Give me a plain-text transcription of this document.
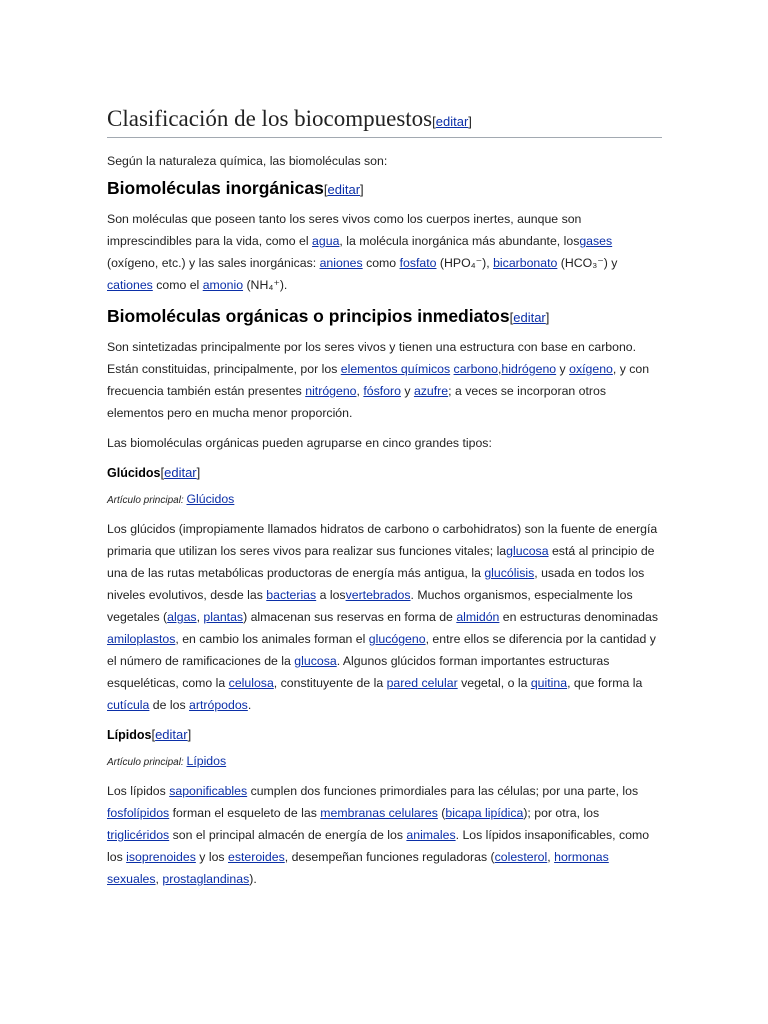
Clasificación de los biocompuestos[editar]

Según la naturaleza química, las biomoléculas son:

Biomoléculas inorgánicas[editar]

Son moléculas que poseen tanto los seres vivos como los cuerpos inertes, aunque son imprescindibles para la vida, como el agua, la molécula inorgánica más abundante, losgases (oxígeno, etc.) y las sales inorgánicas: aniones como fosfato (HPO₄⁻), bicarbonato (HCO₃⁻) y cationes como el amonio (NH₄⁺).

Biomoléculas orgánicas o principios inmediatos[editar]

Son sintetizadas principalmente por los seres vivos y tienen una estructura con base en carbono. Están constituidas, principalmente, por los elementos químicos carbono,hidrógeno y oxígeno, y con frecuencia también están presentes nitrógeno, fósforo y azufre; a veces se incorporan otros elementos pero en mucha menor proporción.

Las biomoléculas orgánicas pueden agruparse en cinco grandes tipos:

Glúcidos[editar]
Artículo principal: Glúcidos

Los glúcidos (impropiamente llamados hidratos de carbono o carbohidratos) son la fuente de energía primaria que utilizan los seres vivos para realizar sus funciones vitales; laglucosa está al principio de una de las rutas metabólicas productoras de energía más antigua, la glucólisis, usada en todos los niveles evolutivos, desde las bacterias a losvertebrados. Muchos organismos, especialmente los vegetales (algas, plantas) almacenan sus reservas en forma de almidón en estructuras denominadas amiloplastos, en cambio los animales forman el glucógeno, entre ellos se diferencia por la cantidad y el número de ramificaciones de la glucosa. Algunos glúcidos forman importantes estructuras esqueléticas, como la celulosa, constituyente de la pared celular vegetal, o la quitina, que forma la cutícula de los artrópodos.

Lípidos[editar]
Artículo principal: Lípidos

Los lípidos saponificables cumplen dos funciones primordiales para las células; por una parte, los fosfolípidos forman el esqueleto de las membranas celulares (bicapa lipídica); por otra, los triglicéridos son el principal almacén de energía de los animales. Los lípidos insaponificables, como los isoprenoides y los esteroides, desempeñan funciones reguladoras (colesterol, hormonas sexuales, prostaglandinas).
